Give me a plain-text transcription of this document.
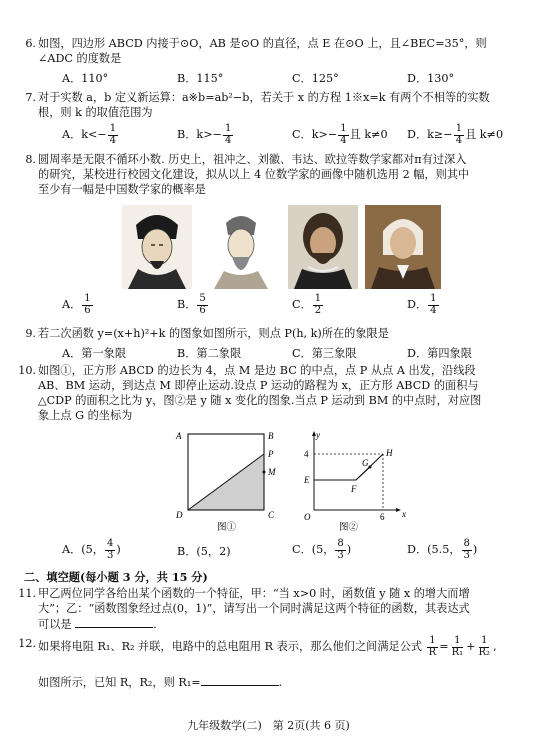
6. 如图，四边形 ABCD 内接于⊙O，AB 是⊙O 的直径，点 E 在⊙O 上，且∠BEC=35°，则
∠ADC 的度数是
A．110°	B．115°	C．125°	D．130°
7. 对于实数 a，b 定义新运算：a※b=ab²−b，若关于 x 的方程 1※x=k 有两个不相等的实数
根，则 k 的取值范围为
A．$k<- \frac{1}{4}$	B．$k>- \frac{1}{4}$	C．$k>- \frac{1}{4}$ 且 k≠0 D．$k\ge- \frac{1}{4}$ 且 k≠0
8. 圆周率是无限不循环小数. 历史上，祖冲之、刘徽、韦达、欧拉等数学家都对π有过深入
的研究，某校进行校园文化建设，拟从以上 4 位数学家的画像中随机选用 2 幅，则其中
至少有一幅是中国数学家的概率是
A． $\frac{1}{6}$	B． $\frac{5}{6}$	C． $\frac{1}{2}$	D． $\frac{1}{4}$
9. 若二次函数 y=(x+h)²+k 的图象如图所示，则点 P(h, k)所在的象限是
A．第一象限	B．第二象限	C．第三象限	D．第四象限
10. 如图①，正方形 ABCD 的边长为 4，点 M 是边 BC 的中点，点 P 从点 A 出发，沿线段
AB、BM 运动，到达点 M 即停止运动.设点 P 运动的路程为 x，正方形 ABCD 的面积与
△CDP 的面积之比为 y，图②是 y 随 x 变化的图象.当点 P 运动到 BM 的中点时，对应图
象上点 G 的坐标为
A	B
P
M
D	C
图①
y
x
O
4
6
E
F
G
H
图②
A．(5， $\frac{4}{3}$ )	B．(5，2)	C．(5， $\frac{8}{3}$ )	D．(5.5， $\frac{8}{3}$ )
二、填空题(每小题 3 分，共 15 分)
11. 甲乙两位同学各给出某个函数的一个特征，甲：“当 x>0 时，函数值 y 随 x 的增大而增
大”；乙：“函数图象经过点(0，1)”，请写出一个同时满足这两个特征的函数，其表达式
可以是	.
12. 如果将电阻 R₁、R₂ 并联，电路中的总电阻用 R 表示，那么他们之间满足公式 $\frac{1}{R} = \frac{1}{\text{R₁}} + \frac{1}{\text{R₂}}$ ,
如图所示，已知 R，R₂，则 R₁=	.
九年级数学(二)　第 2页(共 6 页)
